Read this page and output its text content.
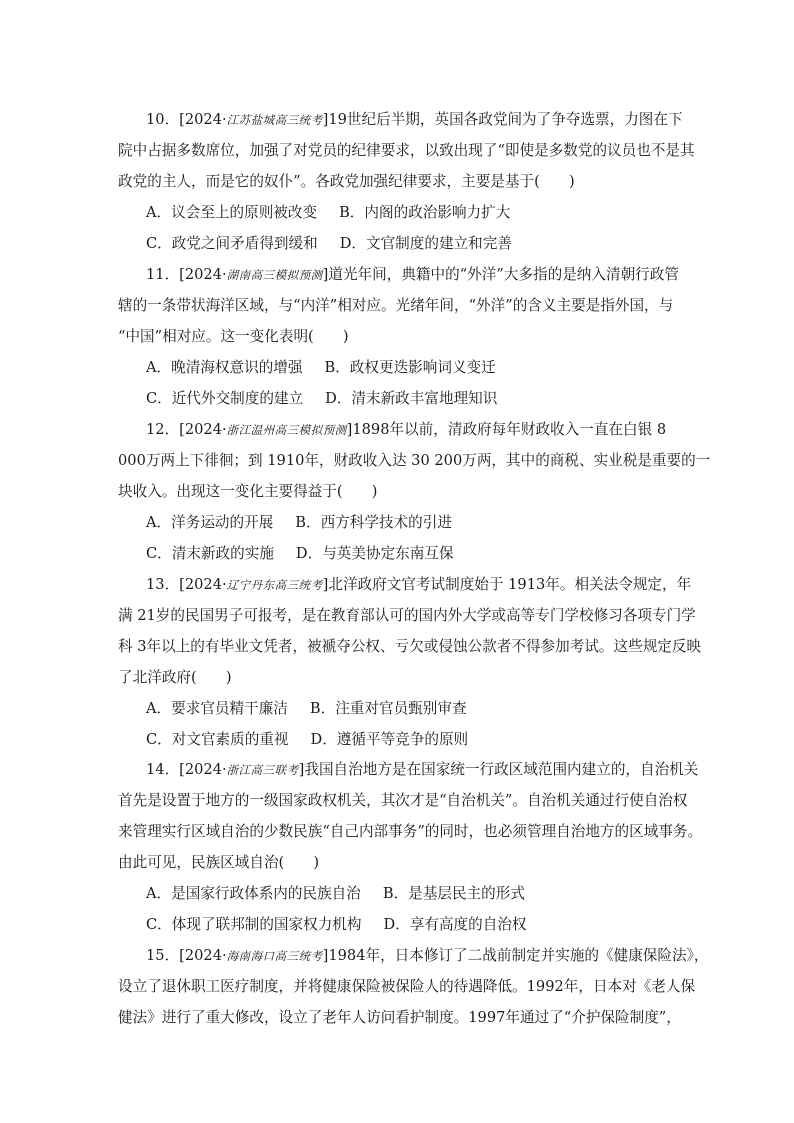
10．[2024·江苏盐城高三统考]19世纪后半期，英国各政党间为了争夺选票，力图在下
院中占据多数席位，加强了对党员的纪律要求，以致出现了“即使是多数党的议员也不是其
政党的主人，而是它的奴仆”。各政党加强纪律要求，主要是基于(　　)
A．议会至上的原则被改变 B．内阁的政治影响力扩大
C．政党之间矛盾得到缓和 D．文官制度的建立和完善
11．[2024·湖南高三模拟预测]道光年间，典籍中的“外洋”大多指的是纳入清朝行政管
辖的一条带状海洋区域，与“内洋”相对应。光绪年间，“外洋”的含义主要是指外国，与
“中国”相对应。这一变化表明(　　)
A．晚清海权意识的增强 B．政权更迭影响词义变迁
C．近代外交制度的建立 D．清末新政丰富地理知识
12．[2024·浙江温州高三模拟预测]1898年以前，清政府每年财政收入一直在白银 8
000万两上下徘徊；到 1910年，财政收入达 30 200万两，其中的商税、实业税是重要的一
块收入。出现这一变化主要得益于(　　)
A．洋务运动的开展 B．西方科学技术的引进
C．清末新政的实施 D．与英美协定东南互保
13．[2024·辽宁丹东高三统考]北洋政府文官考试制度始于 1913年。相关法令规定，年
满 21岁的民国男子可报考，是在教育部认可的国内外大学或高等专门学校修习各项专门学
科 3年以上的有毕业文凭者，被褫夺公权、亏欠或侵蚀公款者不得参加考试。这些规定反映
了北洋政府(　　)
A．要求官员精干廉洁 B．注重对官员甄别审查
C．对文官素质的重视 D．遵循平等竞争的原则
14．[2024·浙江高三联考]我国自治地方是在国家统一行政区域范围内建立的，自治机关
首先是设置于地方的一级国家政权机关，其次才是“自治机关”。自治机关通过行使自治权
来管理实行区域自治的少数民族“自己内部事务”的同时，也必须管理自治地方的区域事务。
由此可见，民族区域自治(　　)
A．是国家行政体系内的民族自治 B．是基层民主的形式
C．体现了联邦制的国家权力机构 D．享有高度的自治权
15．[2024·海南海口高三统考]1984年，日本修订了二战前制定并实施的《健康保险法》，
设立了退休职工医疗制度，并将健康保险被保险人的待遇降低。1992年，日本对《老人保
健法》进行了重大修改，设立了老年人访问看护制度。1997年通过了“介护保险制度”，
